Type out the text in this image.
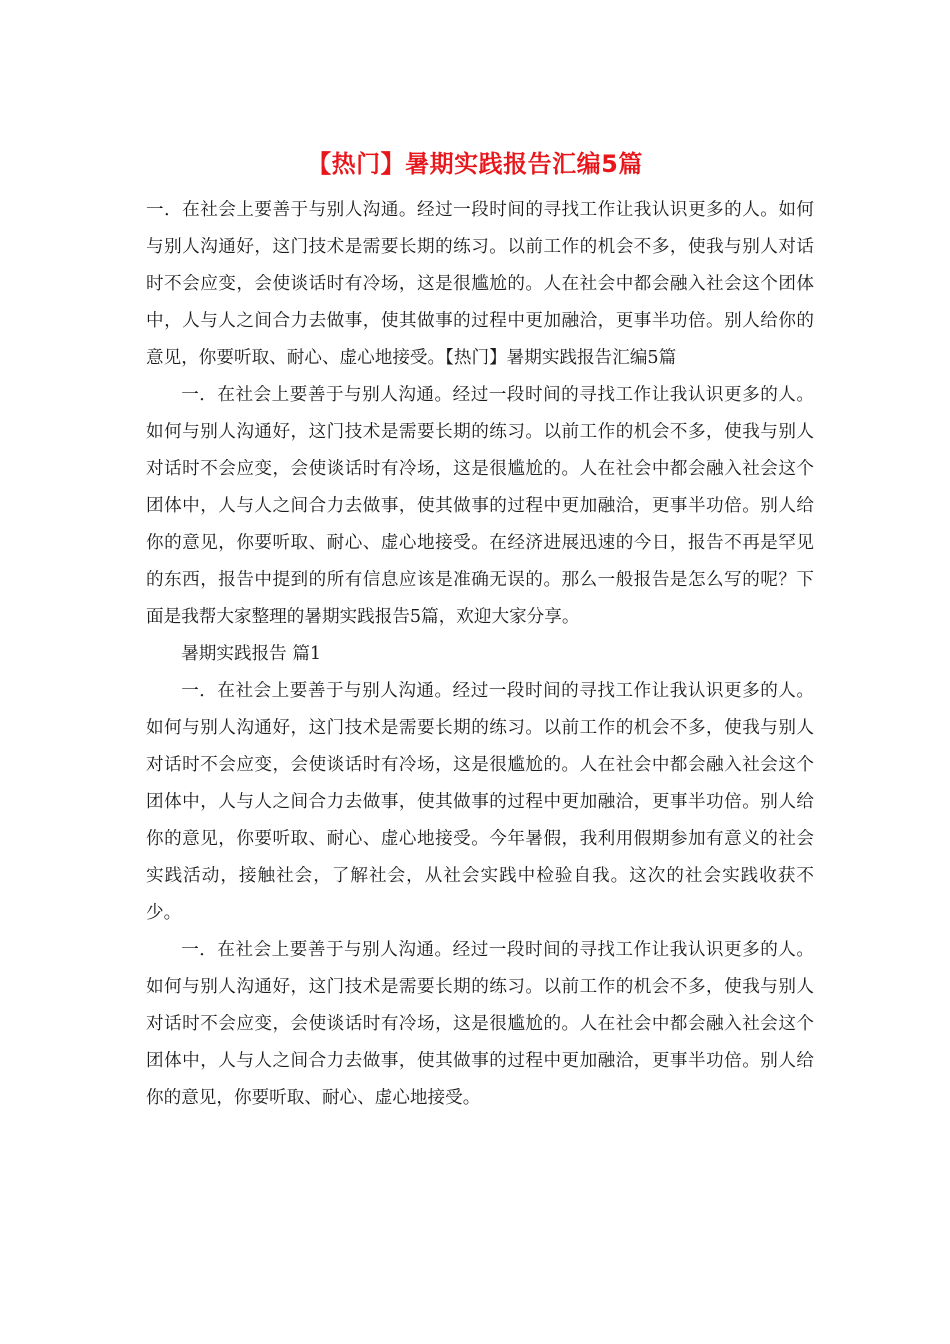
【热门】暑期实践报告汇编5篇

一．在社会上要善于与别人沟通。经过一段时间的寻找工作让我认识更多的人。如何与别人沟通好，这门技术是需要长期的练习。以前工作的机会不多，使我与别人对话时不会应变，会使谈话时有冷场，这是很尴尬的。人在社会中都会融入社会这个团体中，人与人之间合力去做事，使其做事的过程中更加融洽，更事半功倍。别人给你的意见，你要听取、耐心、虚心地接受。【热门】暑期实践报告汇编5篇

一．在社会上要善于与别人沟通。经过一段时间的寻找工作让我认识更多的人。如何与别人沟通好，这门技术是需要长期的练习。以前工作的机会不多，使我与别人对话时不会应变，会使谈话时有冷场，这是很尴尬的。人在社会中都会融入社会这个团体中，人与人之间合力去做事，使其做事的过程中更加融洽，更事半功倍。别人给你的意见，你要听取、耐心、虚心地接受。在经济进展迅速的今日，报告不再是罕见的东西，报告中提到的所有信息应该是准确无误的。那么一般报告是怎么写的呢？下面是我帮大家整理的暑期实践报告5篇，欢迎大家分享。

暑期实践报告 篇1

一．在社会上要善于与别人沟通。经过一段时间的寻找工作让我认识更多的人。如何与别人沟通好，这门技术是需要长期的练习。以前工作的机会不多，使我与别人对话时不会应变，会使谈话时有冷场，这是很尴尬的。人在社会中都会融入社会这个团体中，人与人之间合力去做事，使其做事的过程中更加融洽，更事半功倍。别人给你的意见，你要听取、耐心、虚心地接受。今年暑假，我利用假期参加有意义的社会实践活动，接触社会，了解社会，从社会实践中检验自我。这次的社会实践收获不少。

一．在社会上要善于与别人沟通。经过一段时间的寻找工作让我认识更多的人。如何与别人沟通好，这门技术是需要长期的练习。以前工作的机会不多，使我与别人对话时不会应变，会使谈话时有冷场，这是很尴尬的。人在社会中都会融入社会这个团体中，人与人之间合力去做事，使其做事的过程中更加融洽，更事半功倍。别人给你的意见，你要听取、耐心、虚心地接受。
